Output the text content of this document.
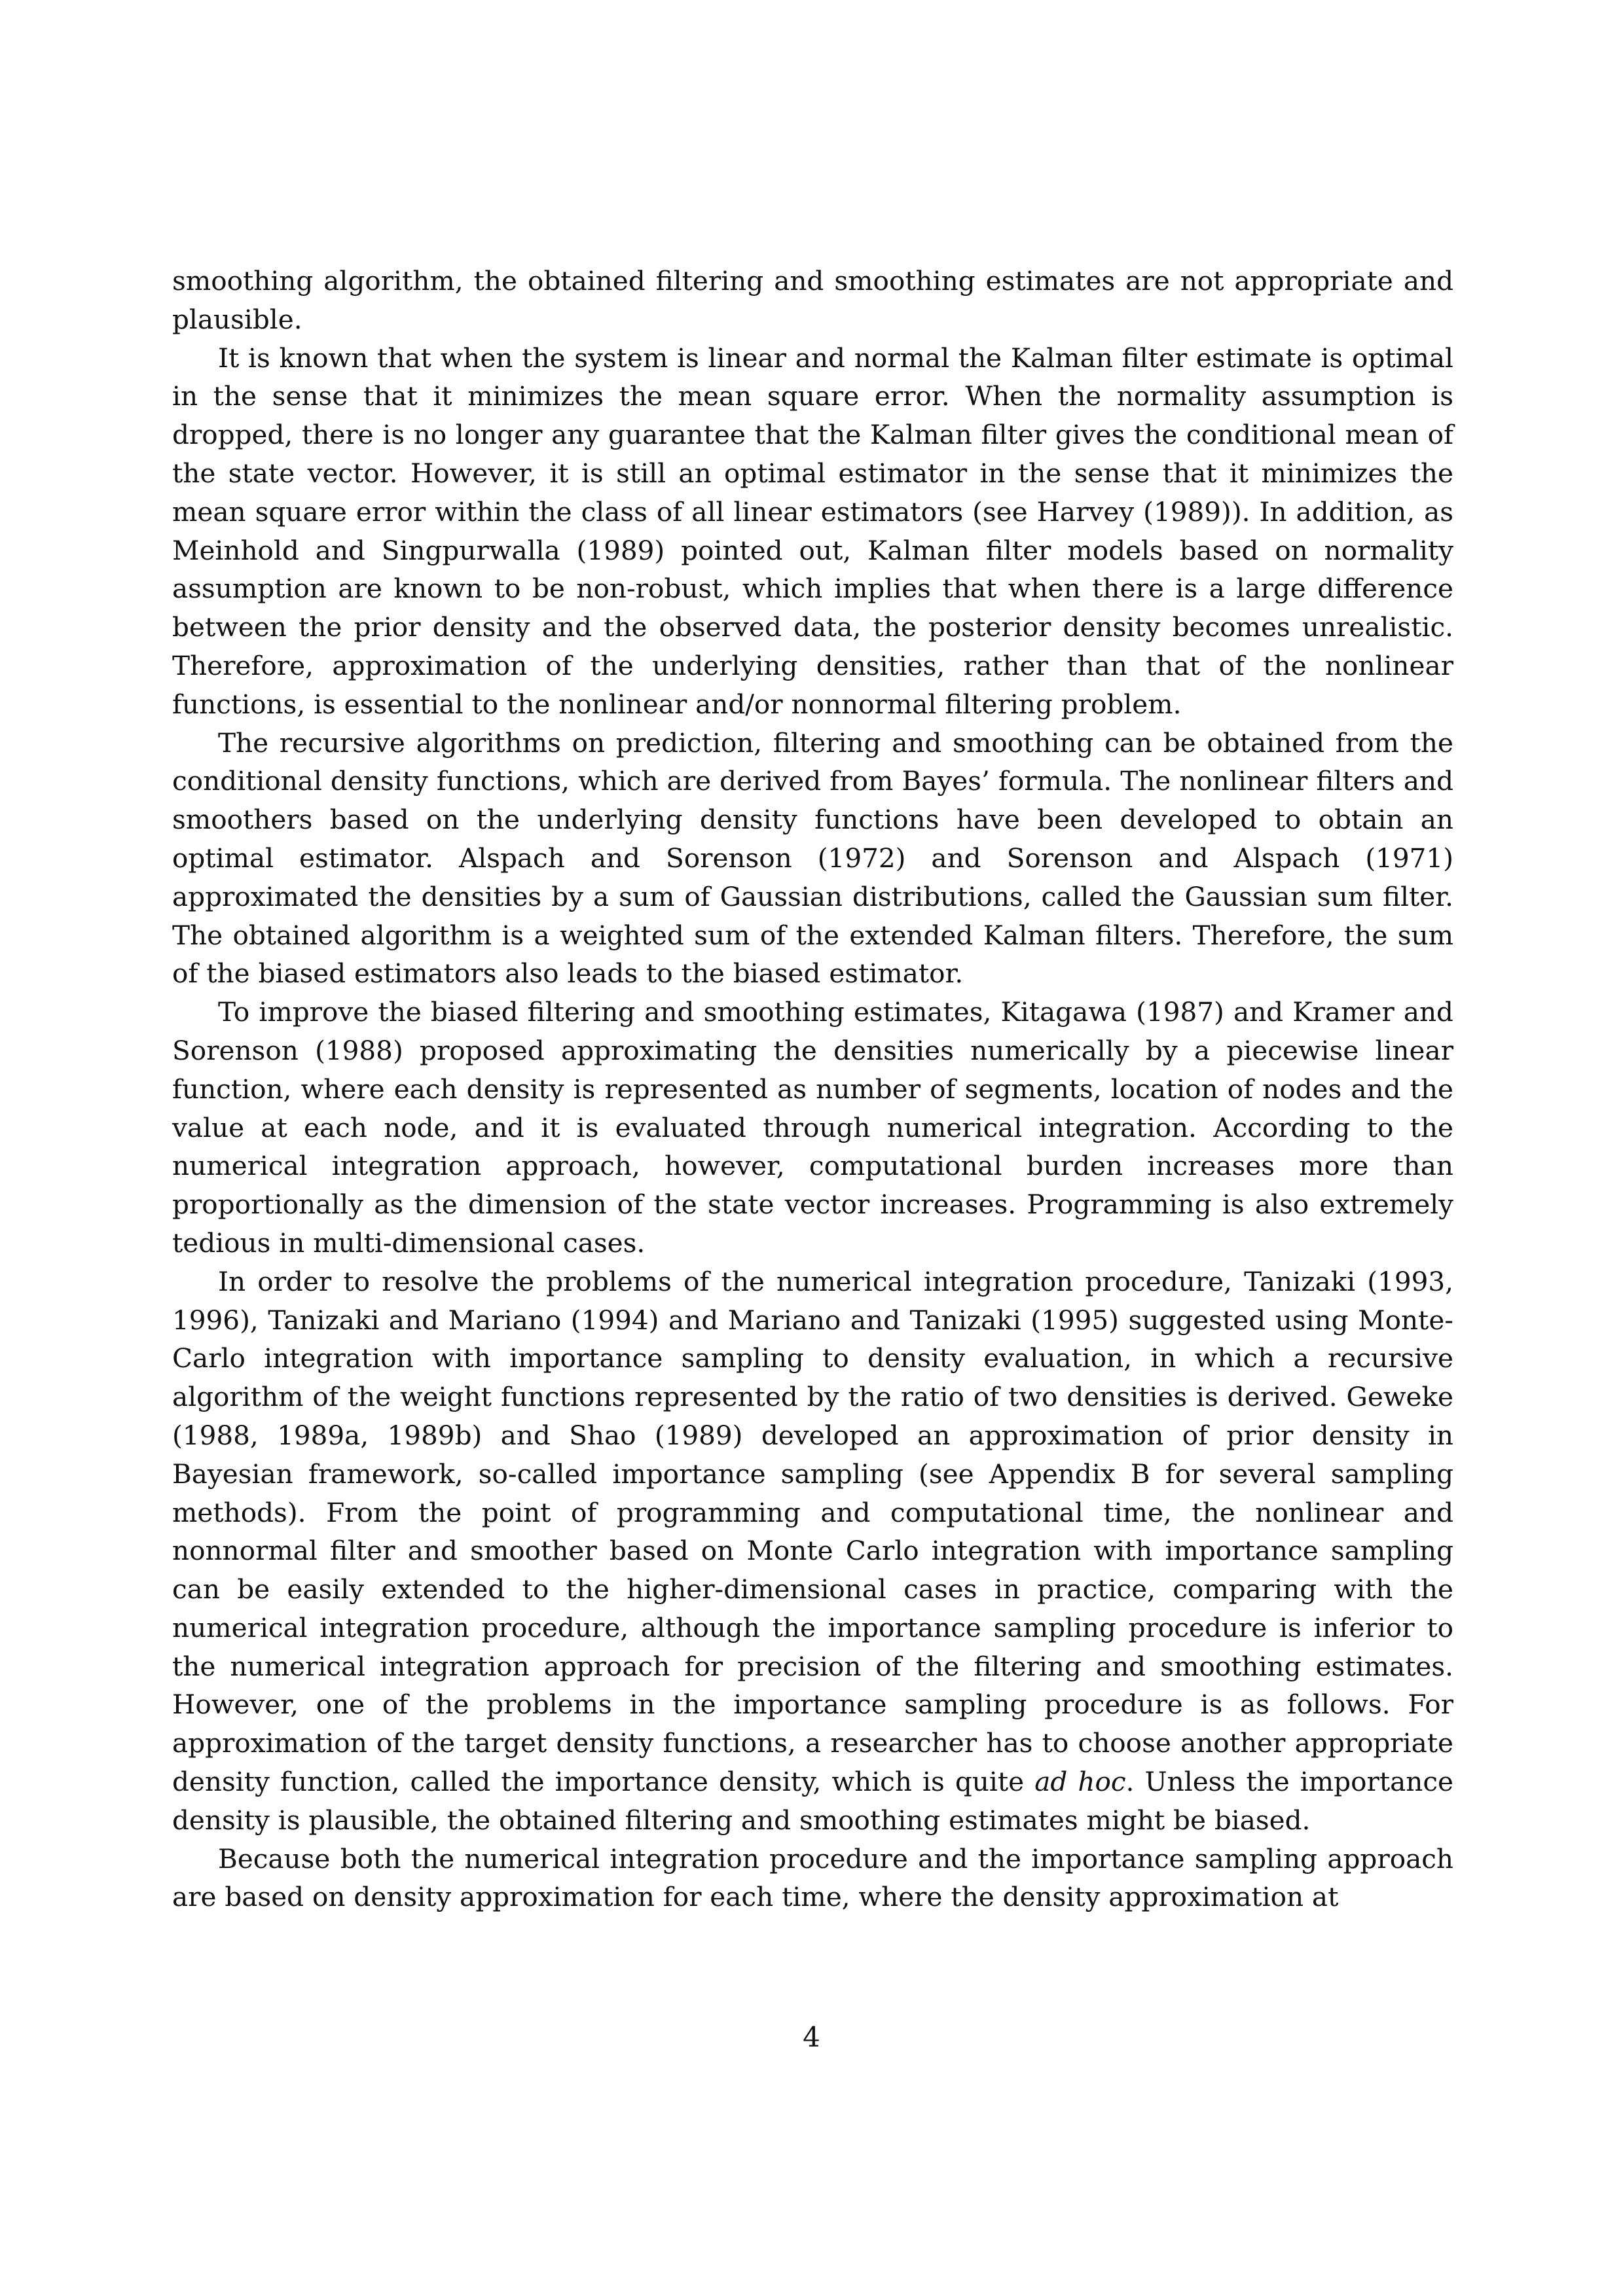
smoothing algorithm, the obtained filtering and smoothing estimates are not appropriate and plausible.

It is known that when the system is linear and normal the Kalman filter estimate is optimal in the sense that it minimizes the mean square error. When the normality assumption is dropped, there is no longer any guarantee that the Kalman filter gives the conditional mean of the state vector. However, it is still an optimal estimator in the sense that it minimizes the mean square error within the class of all linear estimators (see Harvey (1989)). In addition, as Meinhold and Singpurwalla (1989) pointed out, Kalman filter models based on normality assumption are known to be non-robust, which implies that when there is a large difference between the prior density and the observed data, the posterior density becomes unrealistic. Therefore, approximation of the underlying densities, rather than that of the nonlinear functions, is essential to the nonlinear and/or nonnormal filtering problem.

The recursive algorithms on prediction, filtering and smoothing can be obtained from the conditional density functions, which are derived from Bayes’ formula. The nonlinear filters and smoothers based on the underlying density functions have been developed to obtain an optimal estimator. Alspach and Sorenson (1972) and Sorenson and Alspach (1971) approximated the densities by a sum of Gaussian distributions, called the Gaussian sum filter. The obtained algorithm is a weighted sum of the extended Kalman filters. Therefore, the sum of the biased estimators also leads to the biased estimator.

To improve the biased filtering and smoothing estimates, Kitagawa (1987) and Kramer and Sorenson (1988) proposed approximating the densities numerically by a piecewise linear function, where each density is represented as number of segments, location of nodes and the value at each node, and it is evaluated through numerical integration. According to the numerical integration approach, however, computational burden increases more than proportionally as the dimension of the state vector increases. Programming is also extremely tedious in multi-dimensional cases.

In order to resolve the problems of the numerical integration procedure, Tanizaki (1993, 1996), Tanizaki and Mariano (1994) and Mariano and Tanizaki (1995) suggested using Monte-Carlo integration with importance sampling to density evaluation, in which a recursive algorithm of the weight functions represented by the ratio of two densities is derived. Geweke (1988, 1989a, 1989b) and Shao (1989) developed an approximation of prior density in Bayesian framework, so-called importance sampling (see Appendix B for several sampling methods). From the point of programming and computational time, the nonlinear and nonnormal filter and smoother based on Monte Carlo integration with importance sampling can be easily extended to the higher-dimensional cases in practice, comparing with the numerical integration procedure, although the importance sampling procedure is inferior to the numerical integration approach for precision of the filtering and smoothing estimates. However, one of the problems in the importance sampling procedure is as follows. For approximation of the target density functions, a researcher has to choose another appropriate density function, called the importance density, which is quite ad hoc. Unless the importance density is plausible, the obtained filtering and smoothing estimates might be biased.

Because both the numerical integration procedure and the importance sampling approach are based on density approximation for each time, where the density approximation at

4
